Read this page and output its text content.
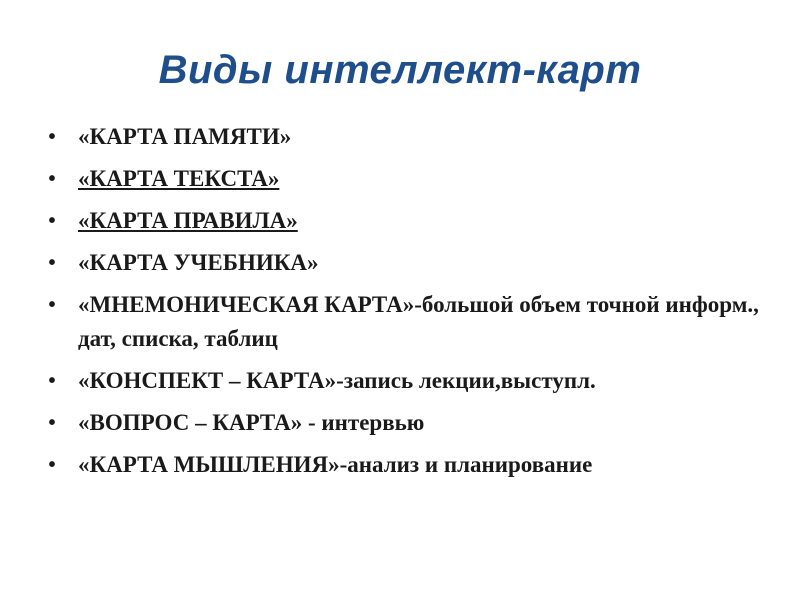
Виды интеллект-карт
• «КАРТА ПАМЯТИ»
• «КАРТА ТЕКСТА»
• «КАРТА ПРАВИЛА»
• «КАРТА УЧЕБНИКА»
• «МНЕМОНИЧЕСКАЯ КАРТА»-большой объем точной информ., дат, списка, таблиц
• «КОНСПЕКТ – КАРТА»-запись лекции,выступл.
• «ВОПРОС – КАРТА» - интервью
• «КАРТА МЫШЛЕНИЯ»-анализ и планирование
